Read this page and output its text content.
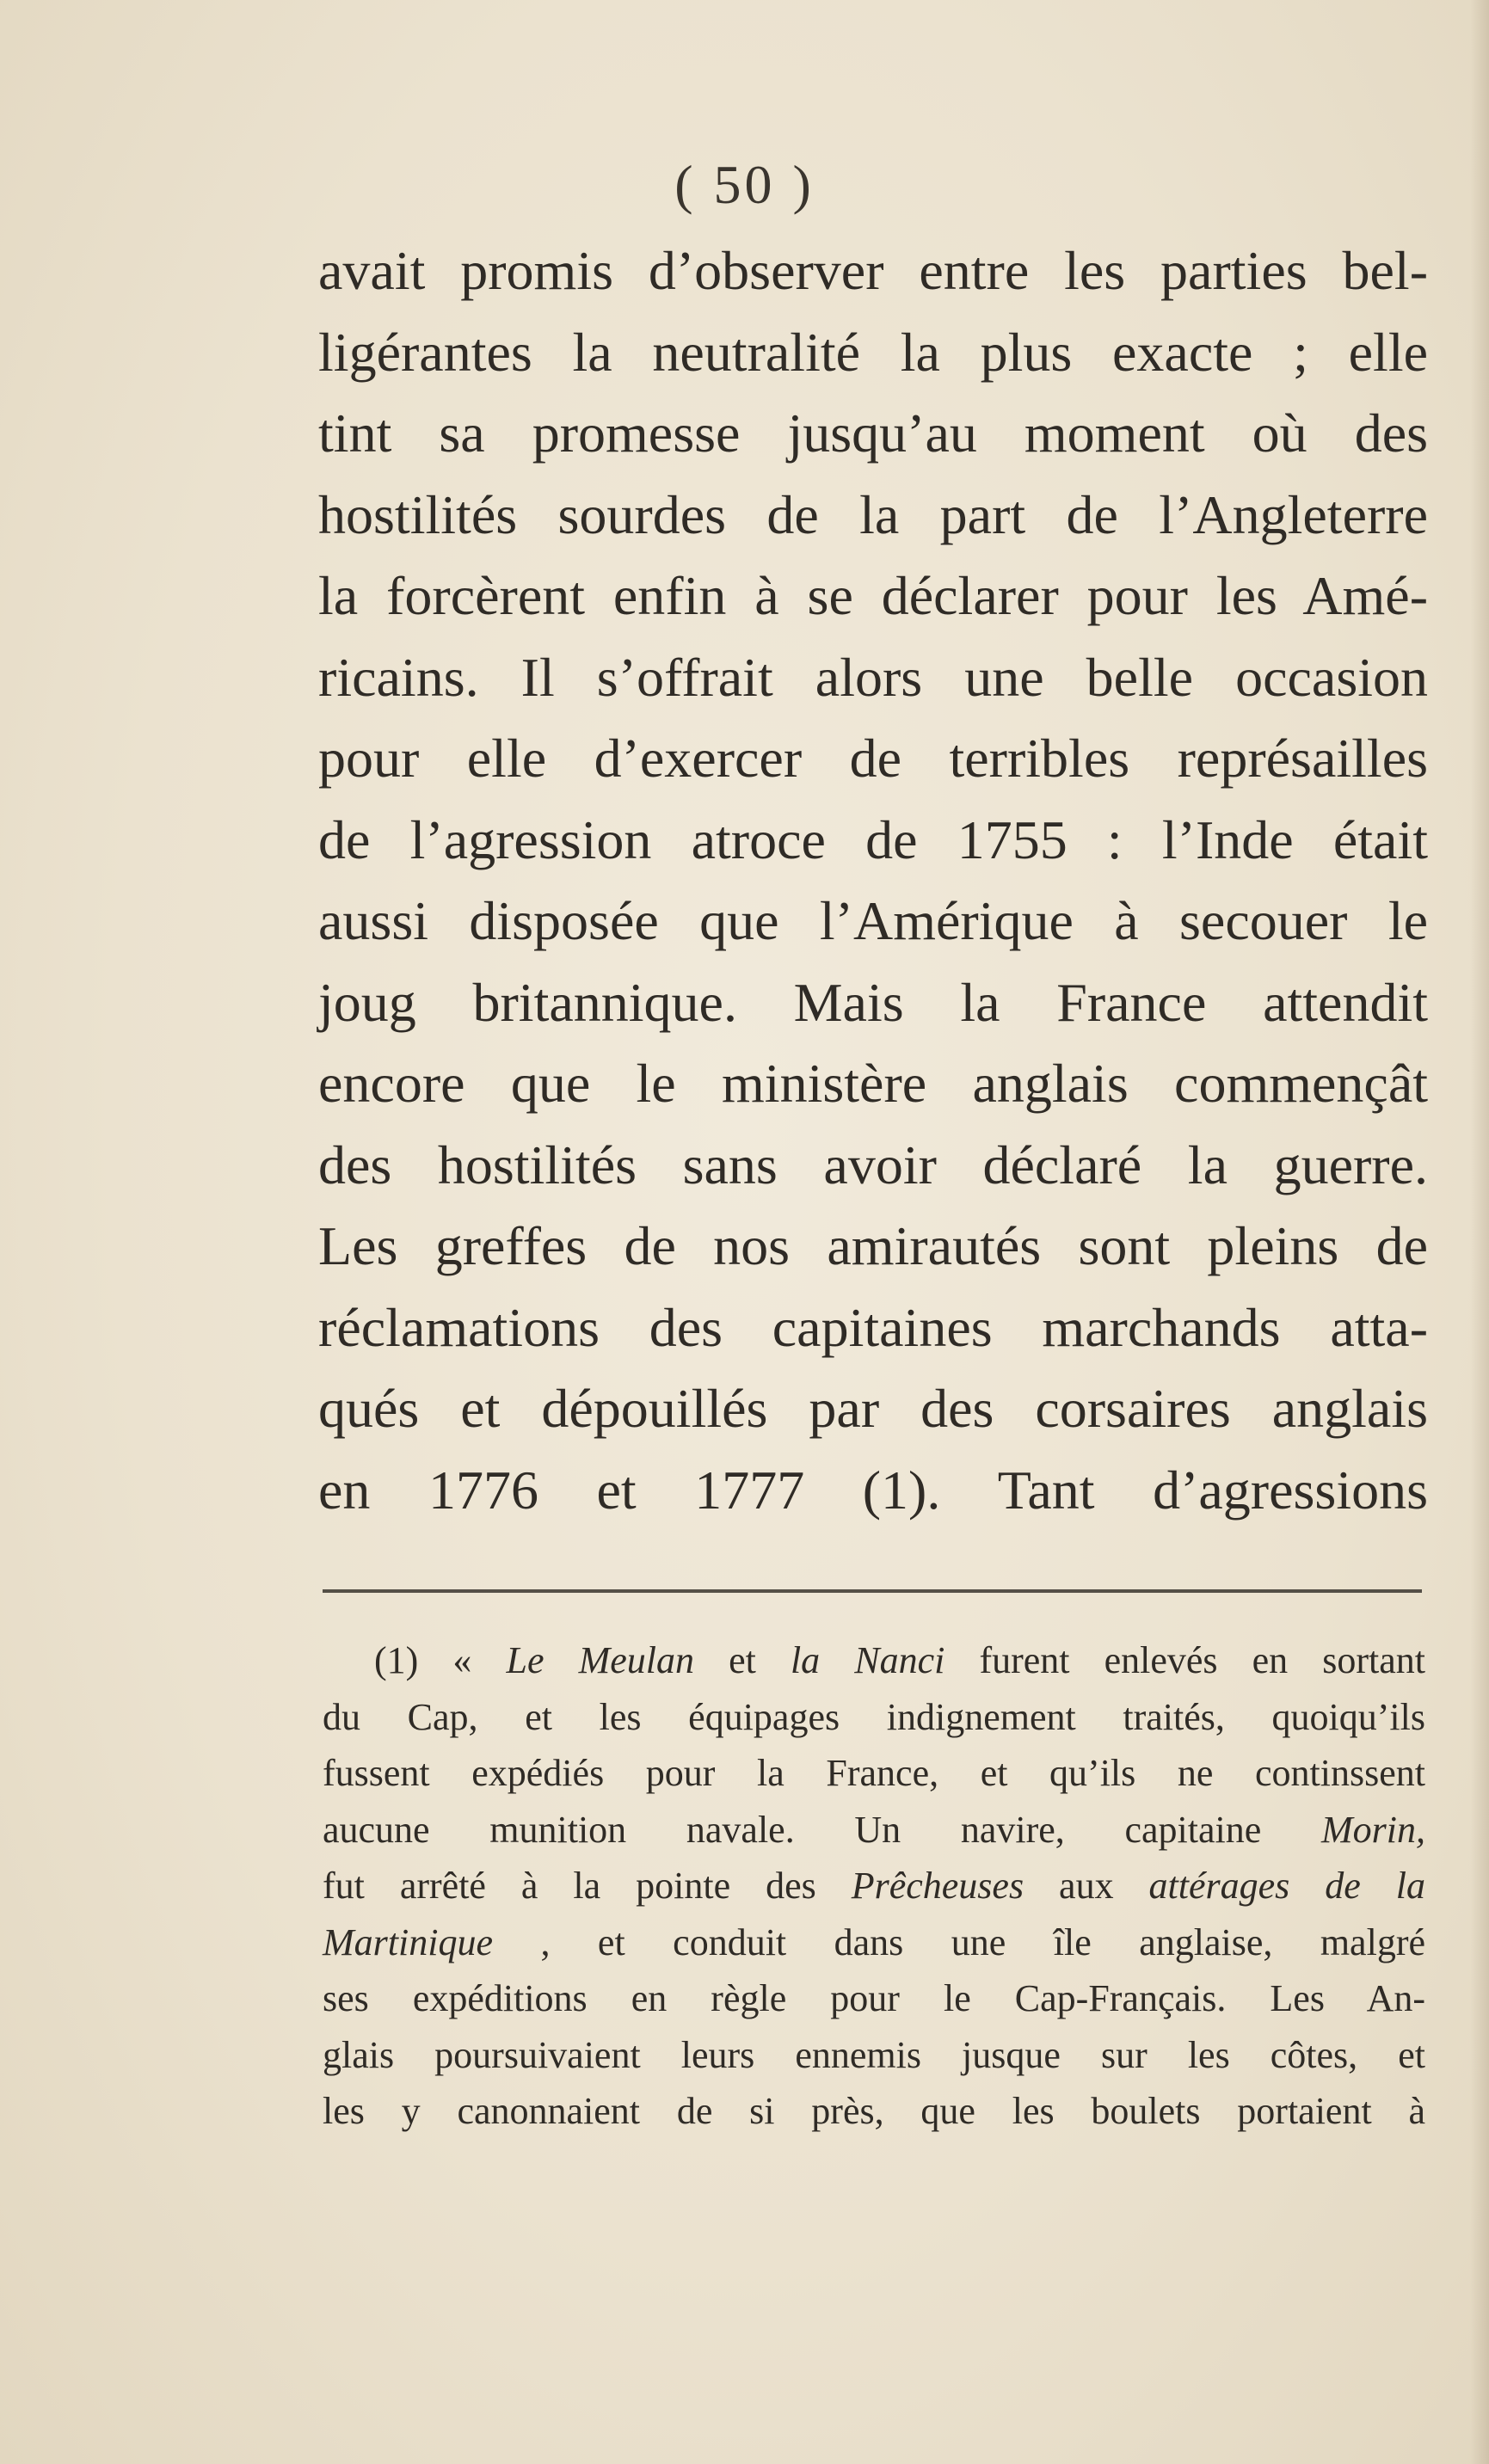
( 50 )
avait promis d’observer entre les parties bel-
ligérantes la neutralité la plus exacte ; elle
tint sa promesse jusqu’au moment où des
hostilités sourdes de la part de l’Angleterre
la forcèrent enfin à se déclarer pour les Amé-
ricains. Il s’offrait alors une belle occasion
pour elle d’exercer de terribles représailles
de l’agression atroce de 1755 : l’Inde était
aussi disposée que l’Amérique à secouer le
joug britannique. Mais la France attendit
encore que le ministère anglais commençât
des hostilités sans avoir déclaré la guerre.
Les greffes de nos amirautés sont pleins de
réclamations des capitaines marchands atta-
qués et dépouillés par des corsaires anglais
en 1776 et 1777 (1). Tant d’agressions
(1) « Le Meulan et la Nanci furent enlevés en sortant
du Cap, et les équipages indignement traités, quoiqu’ils
fussent expédiés pour la France, et qu’ils ne continssent
aucune munition navale. Un navire, capitaine Morin,
fut arrêté à la pointe des Prêcheuses aux attérages de la
Martinique , et conduit dans une île anglaise, malgré
ses expéditions en règle pour le Cap-Français. Les An-
glais poursuivaient leurs ennemis jusque sur les côtes, et
les y canonnaient de si près, que les boulets portaient à
